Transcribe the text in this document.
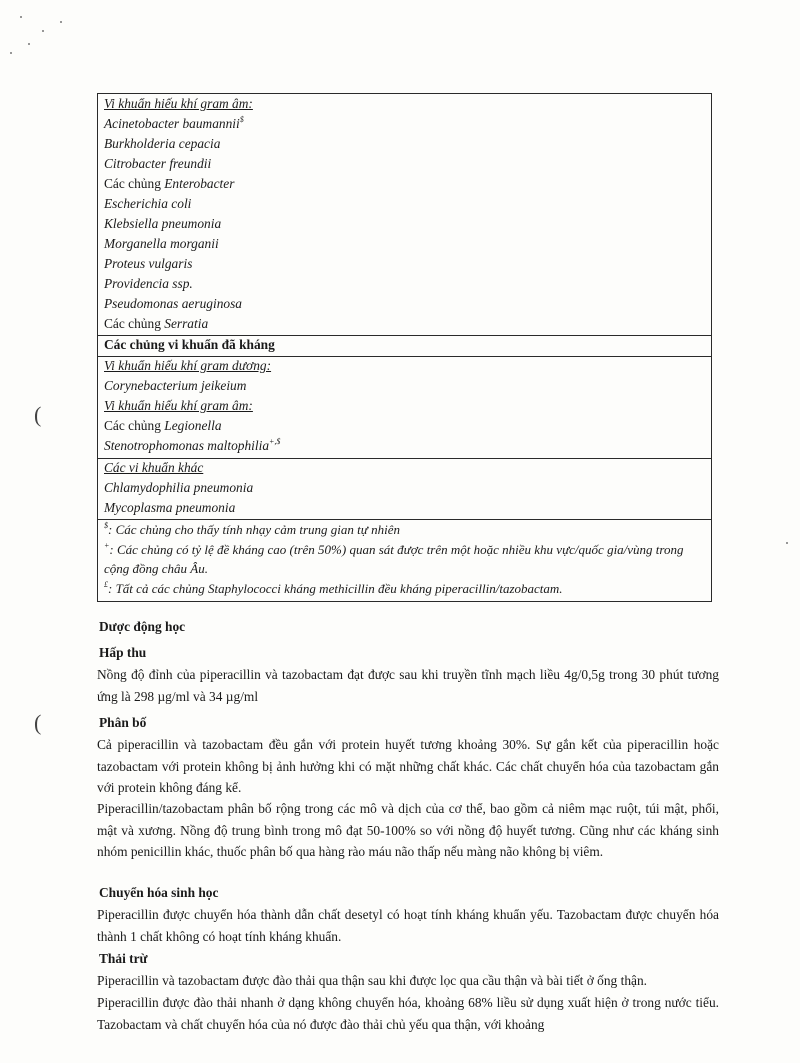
(
(
Vi khuẩn hiếu khí gram âm:
Acinetobacter baumannii$
Burkholderia cepacia
Citrobacter freundii
Các chủng Enterobacter
Escherichia coli
Klebsiella pneumonia
Morganella morganii
Proteus vulgaris
Providencia ssp.
Pseudomonas aeruginosa
Các chủng Serratia
Các chủng vi khuẩn đã kháng
Vi khuẩn hiếu khí gram dương:
Corynebacterium jeikeium
Vi khuẩn hiếu khí gram âm:
Các chủng Legionella
Stenotrophomonas maltophilia+,$
Các vi khuẩn khác
Chlamydophilia pneumonia
Mycoplasma pneumonia
$: Các chủng cho thấy tính nhạy cảm trung gian tự nhiên
+: Các chủng có tỷ lệ đề kháng cao (trên 50%) quan sát được trên một hoặc nhiều khu vực/quốc gia/vùng trong cộng đồng châu Âu.
£: Tất cả các chủng Staphylococci kháng methicillin đều kháng piperacillin/tazobactam.
Dược động học
Hấp thu
Nồng độ đỉnh của piperacillin và tazobactam đạt được sau khi truyền tĩnh mạch liều 4g/0,5g trong 30 phút tương ứng là 298 µg/ml và 34 µg/ml
Phân bố
Cả piperacillin và tazobactam đều gắn với protein huyết tương khoảng 30%. Sự gắn kết của piperacillin hoặc tazobactam với protein không bị ảnh hưởng khi có mặt những chất khác. Các chất chuyển hóa của tazobactam gắn với protein không đáng kể.
Piperacillin/tazobactam phân bố rộng trong các mô và dịch của cơ thể, bao gồm cả niêm mạc ruột, túi mật, phổi, mật và xương. Nồng độ trung bình trong mô đạt 50-100% so với nồng độ huyết tương. Cũng như các kháng sinh nhóm penicillin khác, thuốc phân bố qua hàng rào máu não thấp nếu màng não không bị viêm.
Chuyển hóa sinh học
Piperacillin được chuyển hóa thành dẫn chất desetyl có hoạt tính kháng khuẩn yếu. Tazobactam được chuyển hóa thành 1 chất không có hoạt tính kháng khuẩn.
Thải trừ
Piperacillin và tazobactam được đào thải qua thận sau khi được lọc qua cầu thận và bài tiết ở ống thận.
Piperacillin được đào thải nhanh ở dạng không chuyển hóa, khoảng 68% liều sử dụng xuất hiện ở trong nước tiểu. Tazobactam và chất chuyển hóa của nó được đào thải chủ yếu qua thận, với khoảng
